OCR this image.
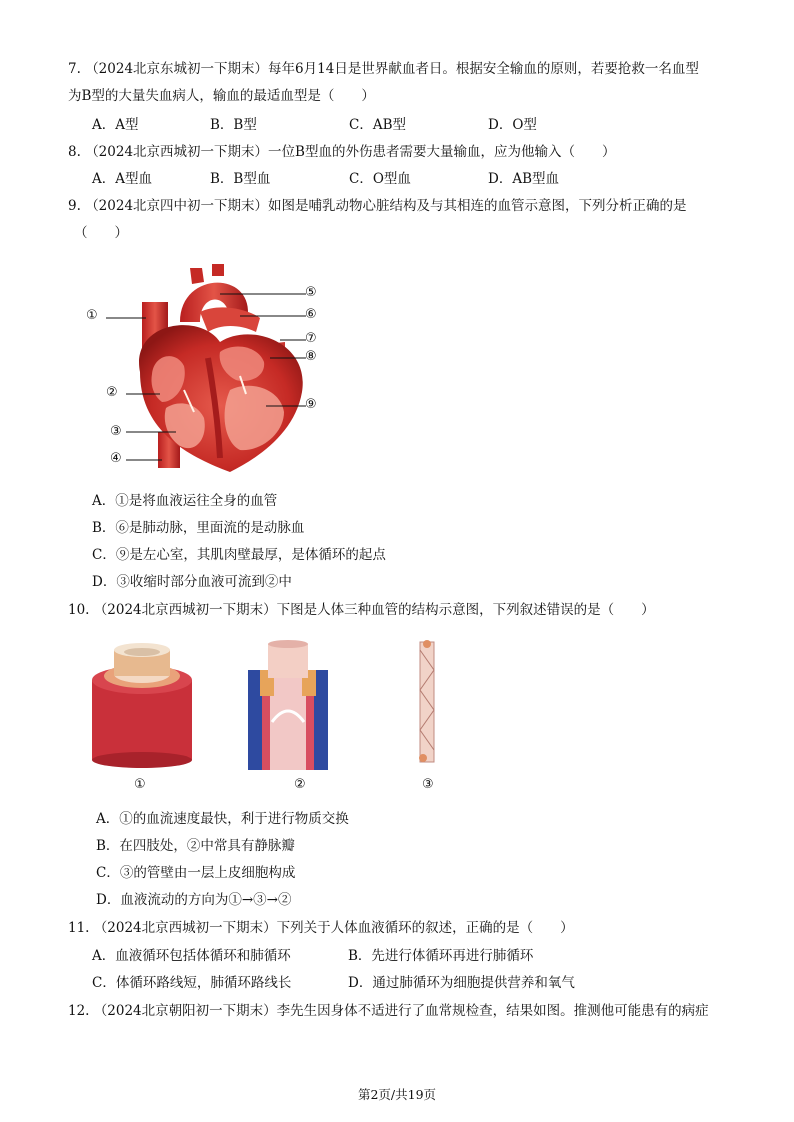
7. （2024北京东城初一下期末）每年6月14日是世界献血者日。根据安全输血的原则，若要抢救一名血型

为B型的大量失血病人，输血的最适血型是（　　）

A．A型	B．B型	C．AB型	D．O型

8. （2024北京西城初一下期末）一位B型血的外伤患者需要大量输血，应为他输入（　　）

A．A型血	B．B型血	C．O型血	D．AB型血

9. （2024北京四中初一下期末）如图是哺乳动物心脏结构及与其相连的血管示意图，下列分析正确的是

（　　）

①
②
③
④
⑤
⑥
⑦
⑧
⑨

A．①是将血液运往全身的血管

B．⑥是肺动脉，里面流的是动脉血

C．⑨是左心室，其肌肉壁最厚，是体循环的起点

D．③收缩时部分血液可流到②中

10. （2024北京西城初一下期末）下图是人体三种血管的结构示意图，下列叙述错误的是（　　）

①	②	③

A．①的血流速度最快，利于进行物质交换

B．在四肢处，②中常具有静脉瓣

C．③的管壁由一层上皮细胞构成

D．血液流动的方向为①→③→②

11. （2024北京西城初一下期末）下列关于人体血液循环的叙述，正确的是（　　）

A．血液循环包括体循环和肺循环	B．先进行体循环再进行肺循环

C．体循环路线短，肺循环路线长	D．通过肺循环为细胞提供营养和氧气

12. （2024北京朝阳初一下期末）李先生因身体不适进行了血常规检查，结果如图。推测他可能患有的病症

第2页/共19页
